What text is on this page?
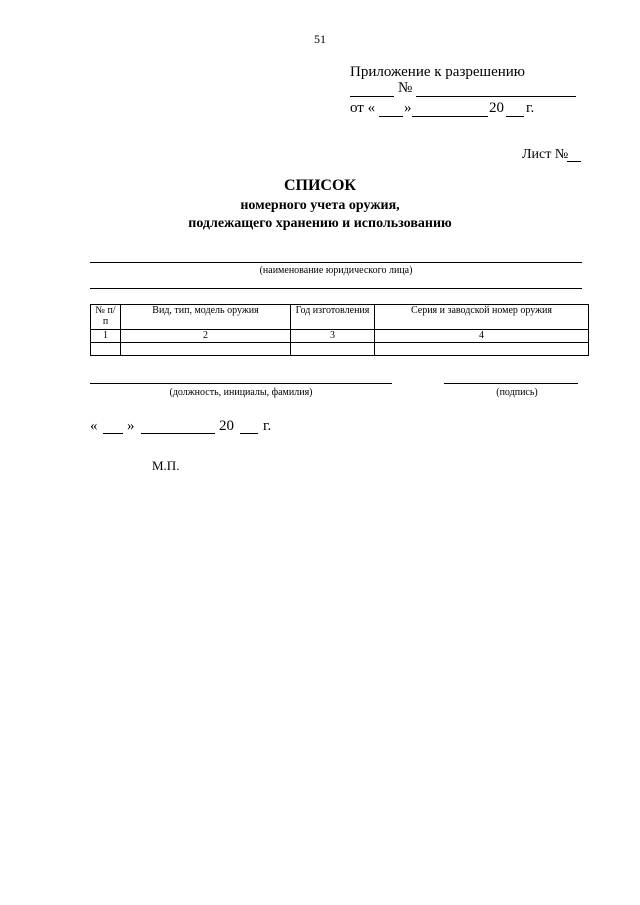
51
Приложение к разрешению
№
от « »	20 г.
Лист №
СПИСОК
номерного учета оружия,
подлежащего хранению и использованию
(наименование юридического лица)
№ п/п	Вид, тип, модель оружия	Год изготовления	Серия и заводской номер оружия
1	2	3	4

(должность, инициалы, фамилия)	(подпись)
« »	20 г.
М.П.
